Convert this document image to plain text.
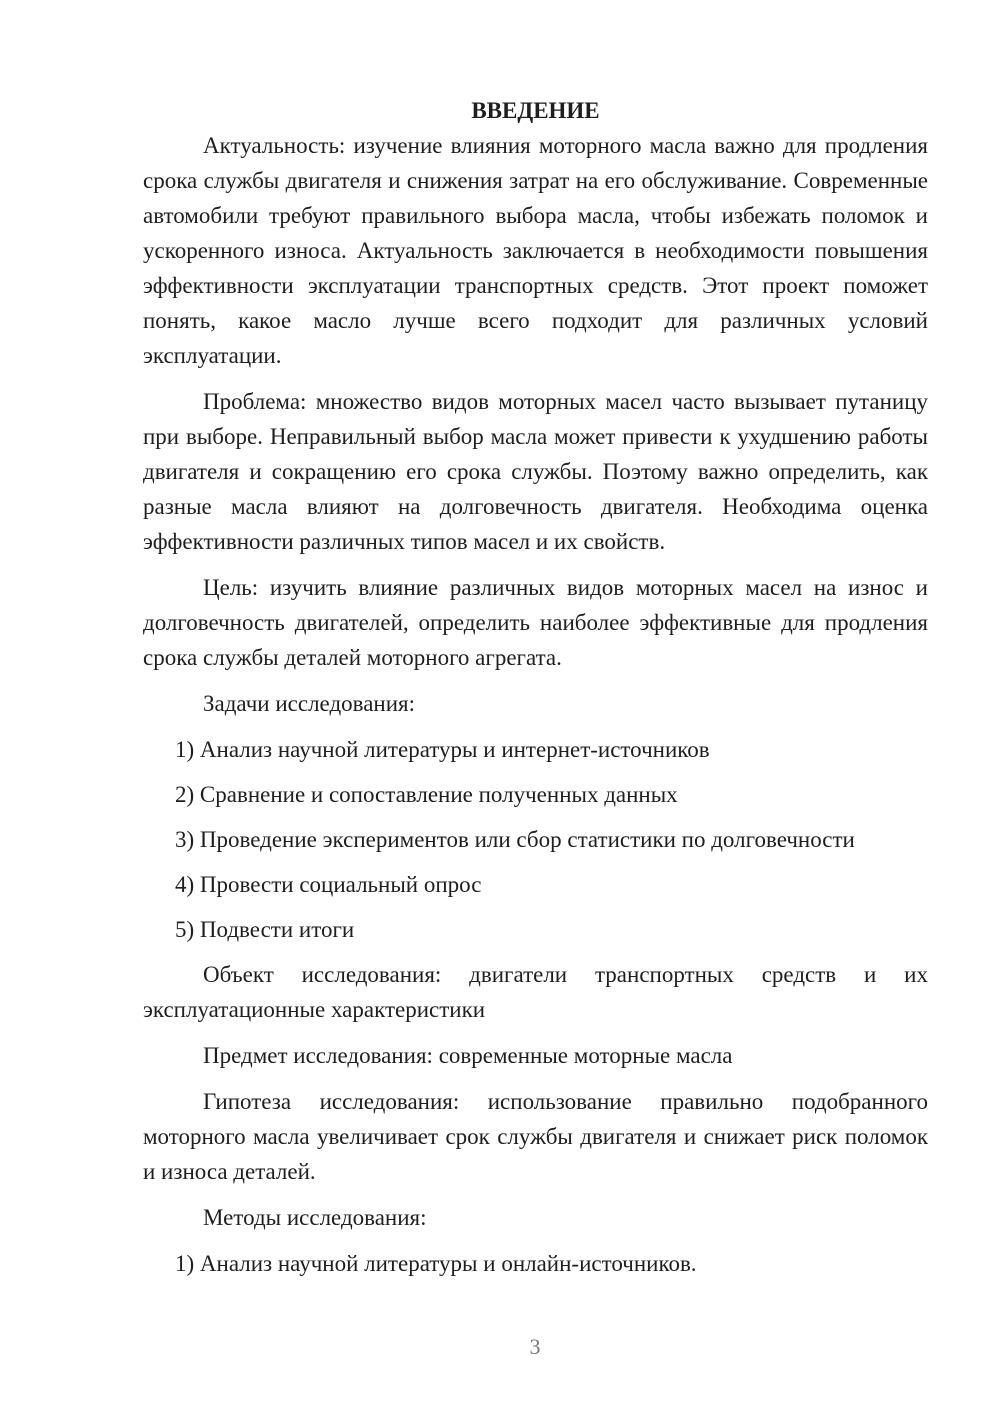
ВВЕДЕНИЕ

Актуальность: изучение влияния моторного масла важно для продления срока службы двигателя и снижения затрат на его обслуживание. Современные автомобили требуют правильного выбора масла, чтобы избежать поломок и ускоренного износа. Актуальность заключается в необходимости повышения эффективности эксплуатации транспортных средств. Этот проект поможет понять, какое масло лучше всего подходит для различных условий эксплуатации.

Проблема: множество видов моторных масел часто вызывает путаницу при выборе. Неправильный выбор масла может привести к ухудшению работы двигателя и сокращению его срока службы. Поэтому важно определить, как разные масла влияют на долговечность двигателя. Необходима оценка эффективности различных типов масел и их свойств.

Цель: изучить влияние различных видов моторных масел на износ и долговечность двигателей, определить наиболее эффективные для продления срока службы деталей моторного агрегата.

Задачи исследования:

1) Анализ научной литературы и интернет-источников
2) Сравнение и сопоставление полученных данных
3) Проведение экспериментов или сбор статистики по долговечности
4) Провести социальный опрос
5) Подвести итоги

Объект исследования: двигатели транспортных средств и их эксплуатационные характеристики

Предмет исследования: современные моторные масла

Гипотеза исследования: использование правильно подобранного моторного масла увеличивает срок службы двигателя и снижает риск поломок и износа деталей.

Методы исследования:

1) Анализ научной литературы и онлайн-источников.
3
